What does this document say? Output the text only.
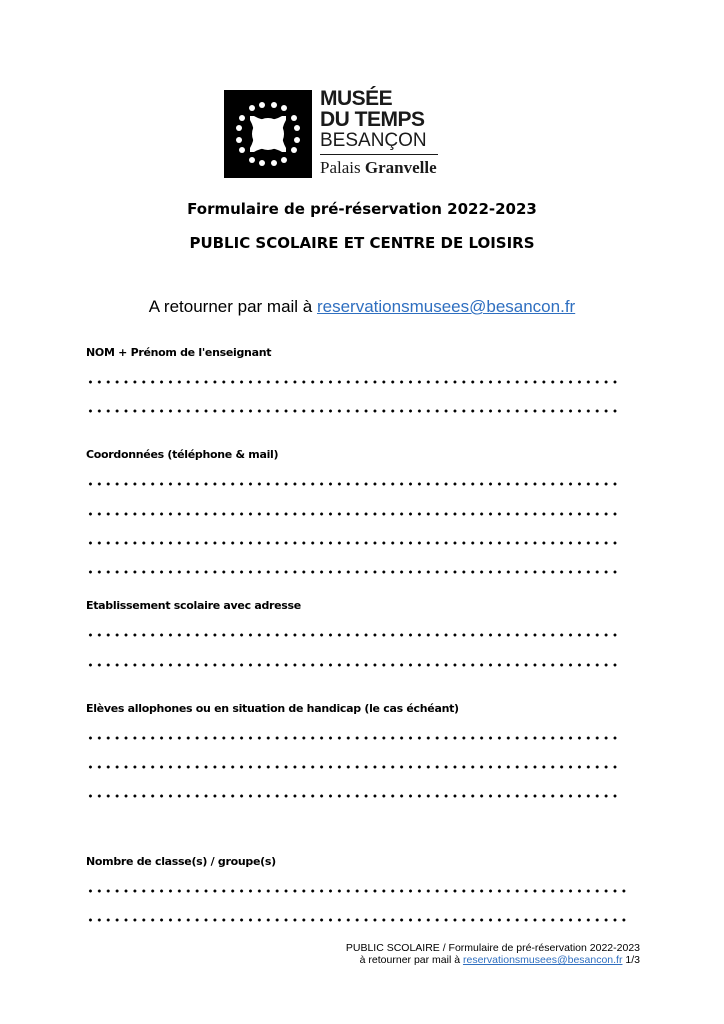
MUSÉE
DU TEMPS
BESANÇON
Palais Granvelle
Formulaire de pré-réservation 2022-2023
PUBLIC SCOLAIRE ET CENTRE DE LOISIRS
A retourner par mail à reservationsmusees@besancon.fr
NOM + Prénom de l'enseignant
Coordonnées (téléphone & mail)
Etablissement scolaire avec adresse
Elèves allophones ou en situation de handicap (le cas échéant)
Nombre de classe(s) / groupe(s)
PUBLIC SCOLAIRE / Formulaire de pré-réservation 2022-2023
à retourner par mail à reservationsmusees@besancon.fr 1/3
